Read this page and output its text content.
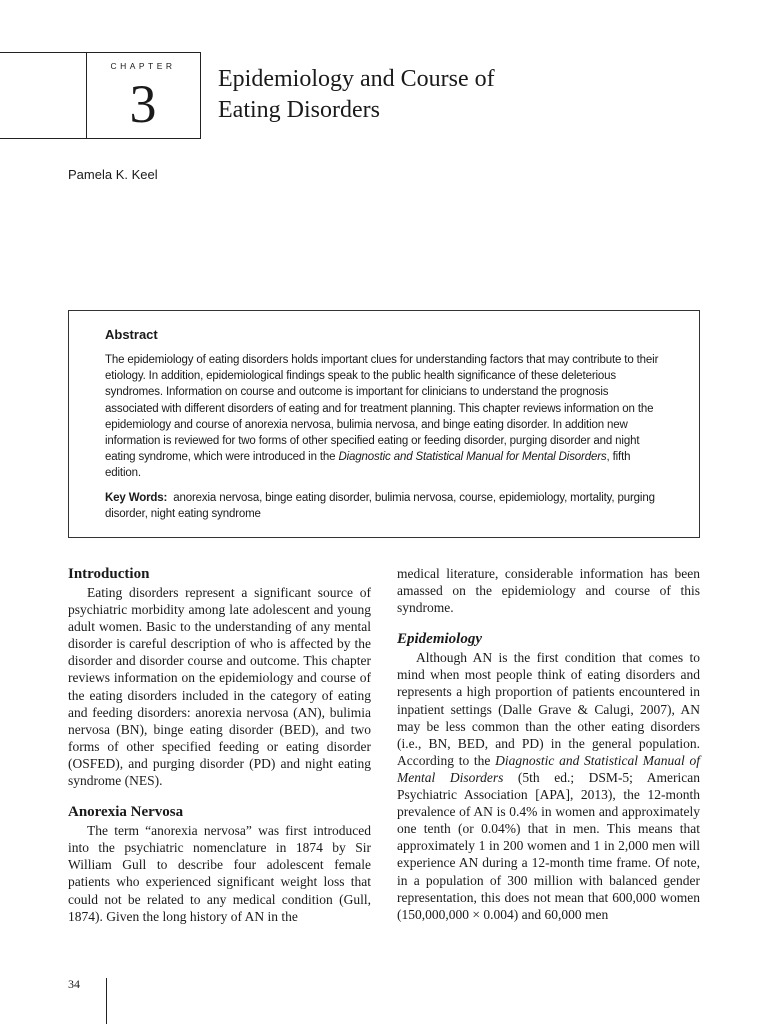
CHAPTER
3	Epidemiology and Course of
Eating Disorders
Pamela K. Keel

Abstract

The epidemiology of eating disorders holds important clues for understanding factors that may contribute to their etiology. In addition, epidemiological findings speak to the public health significance of these deleterious syndromes. Information on course and outcome is important for clinicians to understand the prognosis associated with different disorders of eating and for treatment planning. This chapter reviews information on the epidemiology and course of anorexia nervosa, bulimia nervosa, and binge eating disorder. In addition new information is reviewed for two forms of other specified eating or feeding disorder, purging disorder and night eating syndrome, which were introduced in the Diagnostic and Statistical Manual for Mental Disorders, fifth edition.

Key Words: anorexia nervosa, binge eating disorder, bulimia nervosa, course, epidemiology, mortality, purging disorder, night eating syndrome

Introduction

Eating disorders represent a significant source of psychiatric morbidity among late adolescent and young adult women. Basic to the understanding of any mental disorder is careful description of who is affected by the disorder and disorder course and outcome. This chapter reviews information on the epidemiology and course of the eating disorders included in the category of eating and feeding disorders: anorexia nervosa (AN), bulimia nervosa (BN), binge eating disorder (BED), and two forms of other specified feeding or eating disorder (OSFED), and purging disorder (PD) and night eating syndrome (NES).

Anorexia Nervosa

The term “anorexia nervosa” was first introduced into the psychiatric nomenclature in 1874 by Sir William Gull to describe four adolescent female patients who experienced significant weight loss that could not be related to any medical condition (Gull, 1874). Given the long history of AN in the

medical literature, considerable information has been amassed on the epidemiology and course of this syndrome.

Epidemiology

Although AN is the first condition that comes to mind when most people think of eating disorders and represents a high proportion of patients encountered in inpatient settings (Dalle Grave & Calugi, 2007), AN may be less common than the other eating disorders (i.e., BN, BED, and PD) in the general population. According to the Diagnostic and Statistical Manual of Mental Disorders (5th ed.; DSM-5; American Psychiatric Association [APA], 2013), the 12-month prevalence of AN is 0.4% in women and approximately one tenth (or 0.04%) that in men. This means that approximately 1 in 200 women and 1 in 2,000 men will experience AN during a 12-month time frame. Of note, in a population of 300 million with balanced gender representation, this does not mean that 600,000 women (150,000,000 × 0.004) and 60,000 men

34
